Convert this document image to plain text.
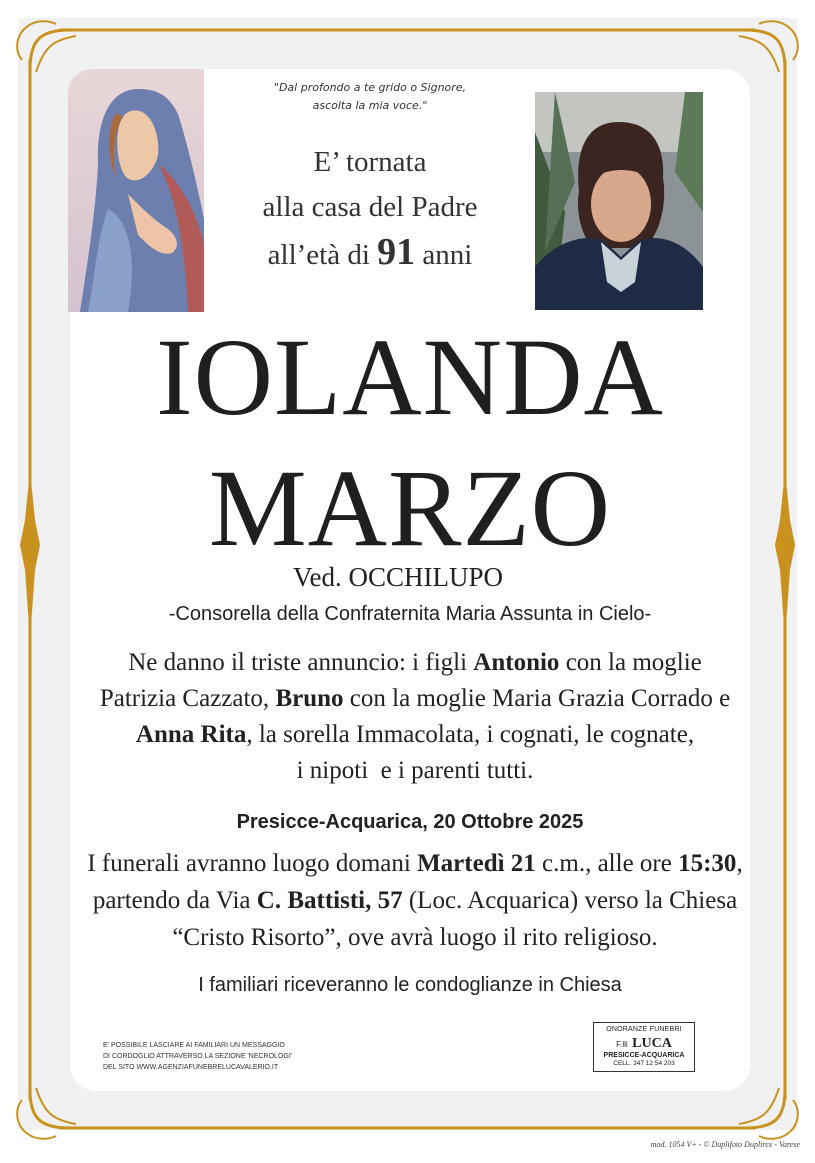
"Dal profondo a te grido o Signore,
ascolta la mia voce."
E’ tornata
alla casa del Padre
all’età di 91 anni
IOLANDA
MARZO
Ved. OCCHILUPO
-Consorella della Confraternita Maria Assunta in Cielo-
Ne danno il triste annuncio: i figli Antonio con la moglie
Patrizia Cazzato, Bruno con la moglie Maria Grazia Corrado e
Anna Rita, la sorella Immacolata, i cognati, le cognate,
i nipoti  e i parenti tutti.
Presicce-Acquarica, 20 Ottobre 2025
I funerali avranno luogo domani Martedì 21 c.m., alle ore 15:30,
partendo da Via C. Battisti, 57 (Loc. Acquarica) verso la Chiesa
“Cristo Risorto”, ove avrà luogo il rito religioso.
I familiari riceveranno le condoglianze in Chiesa
E' POSSIBILE LASCIARE AI FAMILIARI UN MESSAGGIO
DI CORDOGLIO ATTRAVERSO LA SEZIONE 'NECROLOGI'
DEL SITO WWW.AGENZIAFUNEBRELUCAVALERIO.IT
ONORANZE FUNEBRI
F.lli LUCA
PRESICCE-ACQUARICA
CELL. 347 12 54 203
mod. 1054 V+ - © Duplifoto Duplirex - Varese
